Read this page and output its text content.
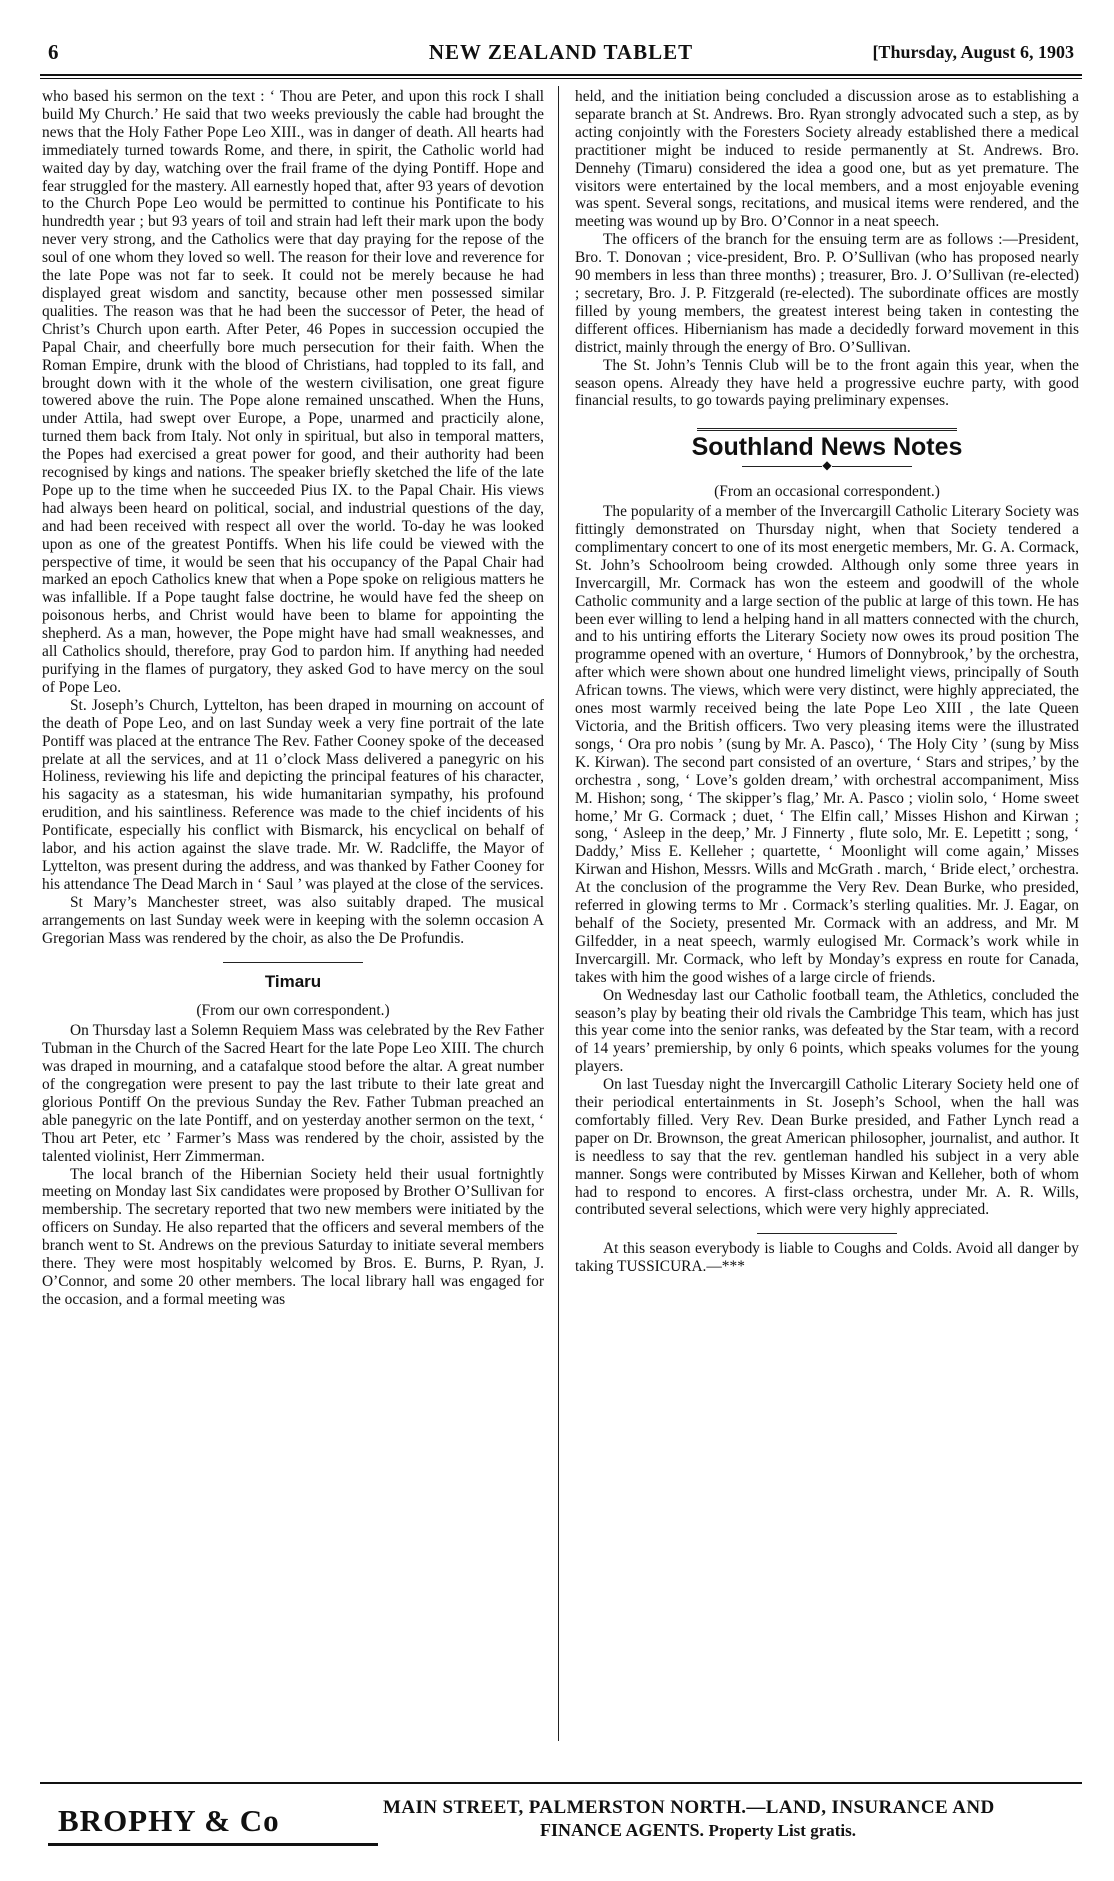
6	NEW ZEALAND TABLET	[Thursday, August 6, 1903

who based his sermon on the text : ‘ Thou are Peter, and upon this rock I shall build My Church.’ He said that two weeks previously the cable had brought the news that the Holy Father Pope Leo XIII., was in danger of death. All hearts had immediately turned towards Rome, and there, in spirit, the Catholic world had waited day by day, watching over the frail frame of the dying Pontiff. Hope and fear struggled for the mastery. All earnestly hoped that, after 93 years of devotion to the Church Pope Leo would be permitted to continue his Pontificate to his hundredth year ; but 93 years of toil and strain had left their mark upon the body never very strong, and the Catholics were that day praying for the repose of the soul of one whom they loved so well. The reason for their love and reverence for the late Pope was not far to seek. It could not be merely because he had displayed great wisdom and sanctity, because other men possessed similar qualities. The reason was that he had been the successor of Peter, the head of Christ’s Church upon earth. After Peter, 46 Popes in succession occupied the Papal Chair, and cheerfully bore much persecution for their faith. When the Roman Empire, drunk with the blood of Christians, had toppled to its fall, and brought down with it the whole of the western civilisation, one great figure towered above the ruin. The Pope alone remained unscathed. When the Huns, under Attila, had swept over Europe, a Pope, unarmed and practicily alone, turned them back from Italy. Not only in spiritual, but also in temporal matters, the Popes had exercised a great power for good, and their authority had been recognised by kings and nations. The speaker briefly sketched the life of the late Pope up to the time when he succeeded Pius IX. to the Papal Chair. His views had always been heard on political, social, and industrial questions of the day, and had been received with respect all over the world. To-day he was looked upon as one of the greatest Pontiffs. When his life could be viewed with the perspective of time, it would be seen that his occupancy of the Papal Chair had marked an epoch Catholics knew that when a Pope spoke on religious matters he was infallible. If a Pope taught false doctrine, he would have fed the sheep on poisonous herbs, and Christ would have been to blame for appointing the shepherd. As a man, however, the Pope might have had small weaknesses, and all Catholics should, therefore, pray God to pardon him. If anything had needed purifying in the flames of purgatory, they asked God to have mercy on the soul of Pope Leo.

St. Joseph’s Church, Lyttelton, has been draped in mourning on account of the death of Pope Leo, and on last Sunday week a very fine portrait of the late Pontiff was placed at the entrance The Rev. Father Cooney spoke of the deceased prelate at all the services, and at 11 o’clock Mass delivered a panegyric on his Holiness, reviewing his life and depicting the principal features of his character, his sagacity as a statesman, his wide humanitarian sympathy, his profound erudition, and his saintliness. Reference was made to the chief incidents of his Pontificate, especially his conflict with Bismarck, his encyclical on behalf of labor, and his action against the slave trade. Mr. W. Radcliffe, the Mayor of Lyttelton, was present during the address, and was thanked by Father Cooney for his attendance The Dead March in ‘ Saul ’ was played at the close of the services.

St Mary’s Manchester street, was also suitably draped. The musical arrangements on last Sunday week were in keeping with the solemn occasion A Gregorian Mass was rendered by the choir, as also the De Profundis.

Timaru
(From our own correspondent.)

On Thursday last a Solemn Requiem Mass was celebrated by the Rev Father Tubman in the Church of the Sacred Heart for the late Pope Leo XIII. The church was draped in mourning, and a catafalque stood before the altar. A great number of the congregation were present to pay the last tribute to their late great and glorious Pontiff On the previous Sunday the Rev. Father Tubman preached an able panegyric on the late Pontiff, and on yesterday another sermon on the text, ‘ Thou art Peter, etc ’ Farmer’s Mass was rendered by the choir, assisted by the talented violinist, Herr Zimmerman.

The local branch of the Hibernian Society held their usual fortnightly meeting on Monday last Six candidates were proposed by Brother O’Sullivan for membership. The secretary reported that two new members were initiated by the officers on Sunday. He also reparted that the officers and several members of the branch went to St. Andrews on the previous Saturday to initiate several members there. They were most hospitably welcomed by Bros. E. Burns, P. Ryan, J. O’Connor, and some 20 other members. The local library hall was engaged for the occasion, and a formal meeting was

held, and the initiation being concluded a discussion arose as to establishing a separate branch at St. Andrews. Bro. Ryan strongly advocated such a step, as by acting conjointly with the Foresters Society already established there a medical practitioner might be induced to reside permanently at St. Andrews. Bro. Dennehy (Timaru) considered the idea a good one, but as yet premature. The visitors were entertained by the local members, and a most enjoyable evening was spent. Several songs, recitations, and musical items were rendered, and the meeting was wound up by Bro. O’Connor in a neat speech.

The officers of the branch for the ensuing term are as follows :—President, Bro. T. Donovan ; vice-president, Bro. P. O’Sullivan (who has proposed nearly 90 members in less than three months) ; treasurer, Bro. J. O’Sullivan (re-elected) ; secretary, Bro. J. P. Fitzgerald (re-elected). The subordinate offices are mostly filled by young members, the greatest interest being taken in contesting the different offices. Hibernianism has made a decidedly forward movement in this district, mainly through the energy of Bro. O’Sullivan.

The St. John’s Tennis Club will be to the front again this year, when the season opens. Already they have held a progressive euchre party, with good financial results, to go towards paying preliminary expenses.

Southland News Notes
◆
(From an occasional correspondent.)

The popularity of a member of the Invercargill Catholic Literary Society was fittingly demonstrated on Thursday night, when that Society tendered a complimentary concert to one of its most energetic members, Mr. G. A. Cormack, St. John’s Schoolroom being crowded. Although only some three years in Invercargill, Mr. Cormack has won the esteem and goodwill of the whole Catholic community and a large section of the public at large of this town. He has been ever willing to lend a helping hand in all matters connected with the church, and to his untiring efforts the Literary Society now owes its proud position The programme opened with an overture, ‘ Humors of Donnybrook,’ by the orchestra, after which were shown about one hundred limelight views, principally of South African towns. The views, which were very distinct, were highly appreciated, the ones most warmly received being the late Pope Leo XIII , the late Queen Victoria, and the British officers. Two very pleasing items were the illustrated songs, ‘ Ora pro nobis ’ (sung by Mr. A. Pasco), ‘ The Holy City ’ (sung by Miss K. Kirwan). The second part consisted of an overture, ‘ Stars and stripes,’ by the orchestra , song, ‘ Love’s golden dream,’ with orchestral accompaniment, Miss M. Hishon; song, ‘ The skipper’s flag,’ Mr. A. Pasco ; violin solo, ‘ Home sweet home,’ Mr G. Cormack ; duet, ‘ The Elfin call,’ Misses Hishon and Kirwan ; song, ‘ Asleep in the deep,’ Mr. J Finnerty , flute solo, Mr. E. Lepetitt ; song, ‘ Daddy,’ Miss E. Kelleher ; quartette, ‘ Moonlight will come again,’ Misses Kirwan and Hishon, Messrs. Wills and McGrath . march, ‘ Bride elect,’ orchestra. At the conclusion of the programme the Very Rev. Dean Burke, who presided, referred in glowing terms to Mr . Cormack’s sterling qualities. Mr. J. Eagar, on behalf of the Society, presented Mr. Cormack with an address, and Mr. M Gilfedder, in a neat speech, warmly eulogised Mr. Cormack’s work while in Invercargill. Mr. Cormack, who left by Monday’s express en route for Canada, takes with him the good wishes of a large circle of friends.

On Wednesday last our Catholic football team, the Athletics, concluded the season’s play by beating their old rivals the Cambridge This team, which has just this year come into the senior ranks, was defeated by the Star team, with a record of 14 years’ premiership, by only 6 points, which speaks volumes for the young players.

On last Tuesday night the Invercargill Catholic Literary Society held one of their periodical entertainments in St. Joseph’s School, when the hall was comfortably filled. Very Rev. Dean Burke presided, and Father Lynch read a paper on Dr. Brownson, the great American philosopher, journalist, and author. It is needless to say that the rev. gentleman handled his subject in a very able manner. Songs were contributed by Misses Kirwan and Kelleher, both of whom had to respond to encores. A first-class orchestra, under Mr. A. R. Wills, contributed several selections, which were very highly appreciated.

At this season everybody is liable to Coughs and Colds. Avoid all danger by taking TUSSICURA.—***

BROPHY & Co	MAIN STREET, PALMERSTON NORTH.—LAND, INSURANCE AND
FINANCE AGENTS. Property List gratis.
